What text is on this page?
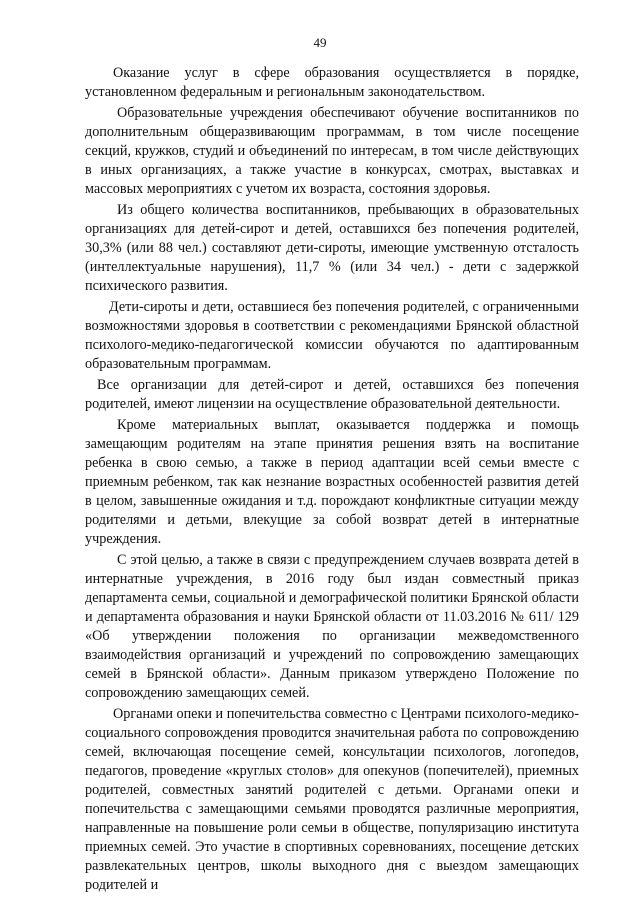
49

Оказание услуг в сфере образования осуществляется в порядке, установленном федеральным и региональным законодательством.

Образовательные учреждения обеспечивают обучение воспитанников по дополнительным общеразвивающим программам, в том числе посещение секций, кружков, студий и объединений по интересам, в том числе действующих в иных организациях, а также участие в конкурсах, смотрах, выставках и массовых мероприятиях с учетом их возраста, состояния здоровья.

Из общего количества воспитанников, пребывающих в образовательных организациях для детей-сирот и детей, оставшихся без попечения родителей, 30,3% (или 88 чел.) составляют дети-сироты, имеющие умственную отсталость (интеллектуальные нарушения), 11,7 % (или 34 чел.) - дети с задержкой психического развития.

Дети-сироты и дети, оставшиеся без попечения родителей, с ограниченными возможностями здоровья в соответствии с рекомендациями Брянской областной психолого-медико-педагогической комиссии обучаются по адаптированным образовательным программам.

Все организации для детей-сирот и детей, оставшихся без попечения родителей, имеют лицензии на осуществление образовательной деятельности.

Кроме материальных выплат, оказывается поддержка и помощь замещающим родителям на этапе принятия решения взять на воспитание ребенка в свою семью, а также в период адаптации всей семьи вместе с приемным ребенком, так как незнание возрастных особенностей развития детей в целом, завышенные ожидания и т.д. порождают конфликтные ситуации между родителями и детьми, влекущие за собой возврат детей в интернатные учреждения.

С этой целью, а также в связи с предупреждением случаев возврата детей в интернатные учреждения, в 2016 году был издан совместный приказ департамента семьи, социальной и демографической политики Брянской области и департамента образования и науки Брянской области от 11.03.2016 № 611/ 129 «Об утверждении положения по организации межведомственного взаимодействия организаций и учреждений по сопровождению замещающих семей в Брянской области». Данным приказом утверждено Положение по сопровождению замещающих семей.

Органами опеки и попечительства совместно с Центрами психолого-медико-социального сопровождения проводится значительная работа по сопровождению семей, включающая посещение семей, консультации психологов, логопедов, педагогов, проведение «круглых столов» для опекунов (попечителей), приемных родителей, совместных занятий родителей с детьми. Органами опеки и попечительства с замещающими семьями проводятся различные мероприятия, направленные на повышение роли семьи в обществе, популяризацию института приемных семей. Это участие в спортивных соревнованиях, посещение детских развлекательных центров, школы выходного дня с выездом замещающих родителей и
